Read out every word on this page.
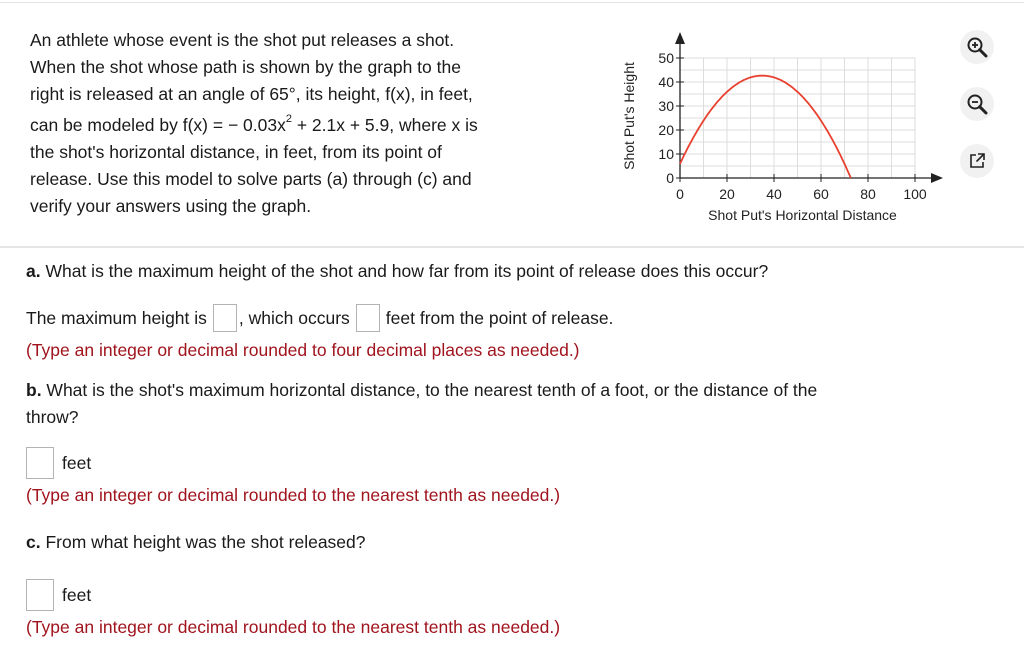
An athlete whose event is the shot put releases a shot.
When the shot whose path is shown by the graph to the
right is released at an angle of 65°, its height, f(x), in feet,
can be modeled by f(x) = − $0.03x^2 + 2.1x + 5.9$, where x is
the shot's horizontal distance, in feet, from its point of
release. Use this model to solve parts (a) through (c) and
verify your answers using the graph.
0	20 40 60 80 100
0
10
20
30
40
50
Shot Put's Horizontal Distance
Shot Put's Height
a. What is the maximum height of the shot and how far from its point of release does this occur?
The maximum height is , which occurs feet from the point of release.
(Type an integer or decimal rounded to four decimal places as needed.)
b. What is the shot's maximum horizontal distance, to the nearest tenth of a foot, or the distance of the
throw?
feet
(Type an integer or decimal rounded to the nearest tenth as needed.)
c. From what height was the shot released?
feet
(Type an integer or decimal rounded to the nearest tenth as needed.)
